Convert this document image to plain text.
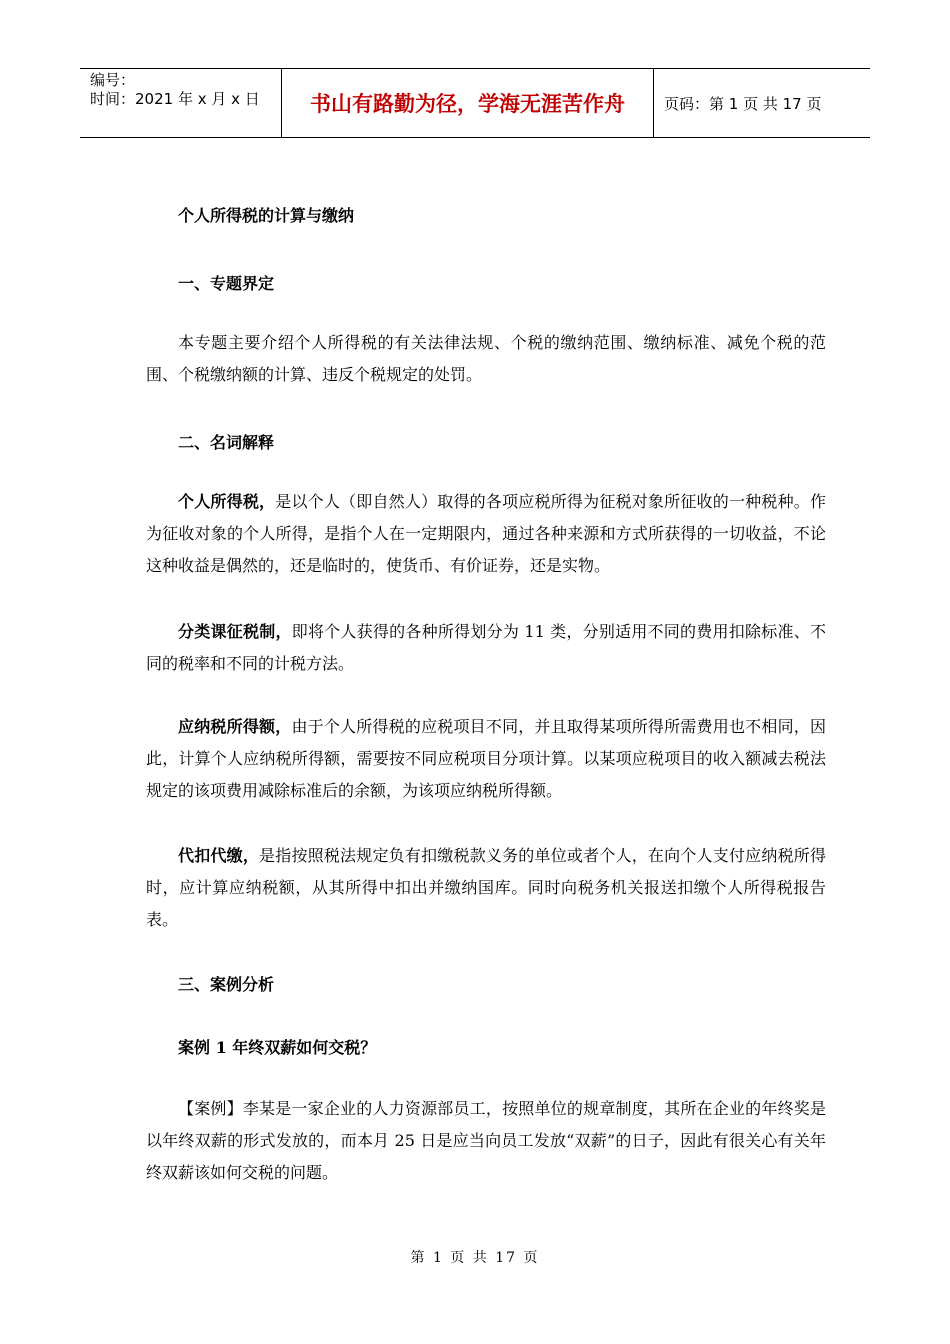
编号：
时间：2021 年 x 月 x 日	书山有路勤为径，学海无涯苦作舟	页码：第 1 页 共 17 页
个人所得税的计算与缴纳
一、专题界定

本专题主要介绍个人所得税的有关法律法规、个税的缴纳范围、缴纳标准、减免个税的范围、个税缴纳额的计算、违反个税规定的处罚。

二、名词解释

个人所得税，是以个人（即自然人）取得的各项应税所得为征税对象所征收的一种税种。作为征收对象的个人所得，是指个人在一定期限内，通过各种来源和方式所获得的一切收益，不论这种收益是偶然的，还是临时的，使货币、有价证券，还是实物。

分类课征税制，即将个人获得的各种所得划分为 11 类，分别适用不同的费用扣除标准、不同的税率和不同的计税方法。

应纳税所得额，由于个人所得税的应税项目不同，并且取得某项所得所需费用也不相同，因此，计算个人应纳税所得额，需要按不同应税项目分项计算。以某项应税项目的收入额减去税法规定的该项费用减除标准后的余额，为该项应纳税所得额。

代扣代缴，是指按照税法规定负有扣缴税款义务的单位或者个人，在向个人支付应纳税所得时，应计算应纳税额，从其所得中扣出并缴纳国库。同时向税务机关报送扣缴个人所得税报告表。

三、案例分析
案例 1 年终双薪如何交税？

【案例】李某是一家企业的人力资源部员工，按照单位的规章制度，其所在企业的年终奖是以年终双薪的形式发放的，而本月 25 日是应当向员工发放“双薪”的日子，因此有很关心有关年终双薪该如何交税的问题。

第 1 页 共 17 页
